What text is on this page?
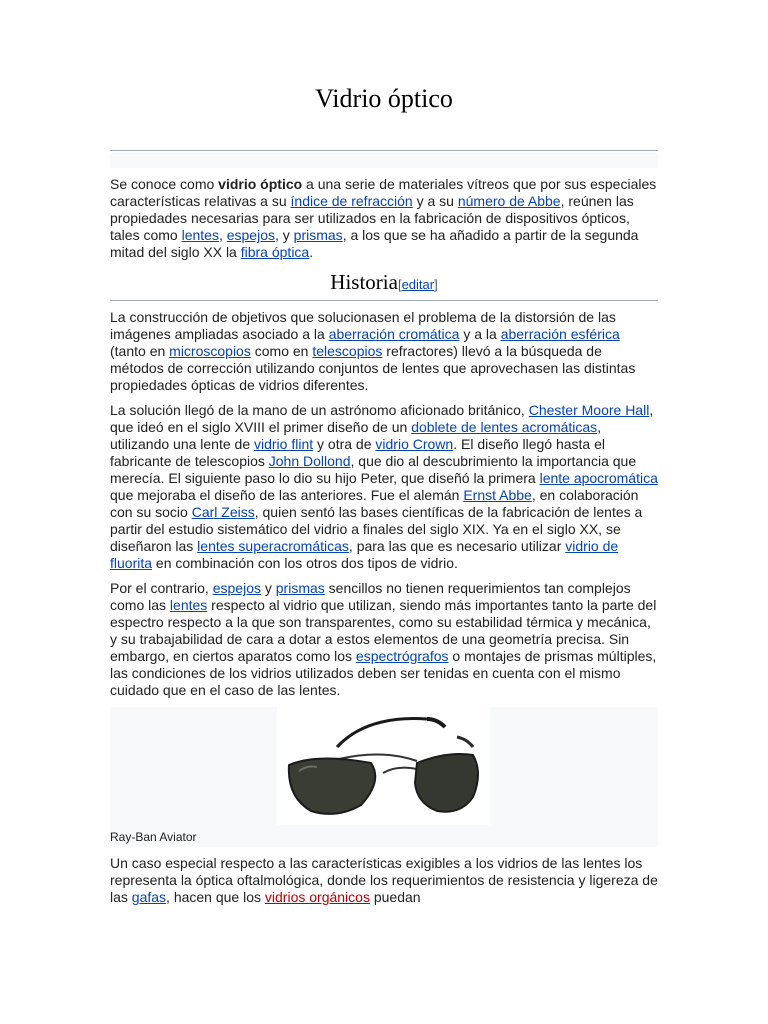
Vidrio óptico

Se conoce como vidrio óptico a una serie de materiales vítreos que por sus especiales características relativas a su índice de refracción y a su número de Abbe, reúnen las propiedades necesarias para ser utilizados en la fabricación de dispositivos ópticos, tales como lentes, espejos, y prismas, a los que se ha añadido a partir de la segunda mitad del siglo XX la fibra óptica.

Historia[editar]

La construcción de objetivos que solucionasen el problema de la distorsión de las imágenes ampliadas asociado a la aberración cromática y a la aberración esférica (tanto en microscopios como en telescopios refractores) llevó a la búsqueda de métodos de corrección utilizando conjuntos de lentes que aprovechasen las distintas propiedades ópticas de vidrios diferentes.

La solución llegó de la mano de un astrónomo aficionado británico, Chester Moore Hall, que ideó en el siglo XVIII el primer diseño de un doblete de lentes acromáticas, utilizando una lente de vidrio flint y otra de vidrio Crown. El diseño llegó hasta el fabricante de telescopios John Dollond, que dio al descubrimiento la importancia que merecía. El siguiente paso lo dio su hijo Peter, que diseñó la primera lente apocromática que mejoraba el diseño de las anteriores. Fue el alemán Ernst Abbe, en colaboración con su socio Carl Zeiss, quien sentó las bases científicas de la fabricación de lentes a partir del estudio sistemático del vidrio a finales del siglo XIX. Ya en el siglo XX, se diseñaron las lentes superacromáticas, para las que es necesario utilizar vidrio de fluorita en combinación con los otros dos tipos de vidrio.

Por el contrario, espejos y prismas sencillos no tienen requerimientos tan complejos como las lentes respecto al vidrio que utilizan, siendo más importantes tanto la parte del espectro respecto a la que son transparentes, como su estabilidad térmica y mecánica, y su trabajabilidad de cara a dotar a estos elementos de una geometría precisa. Sin embargo, en ciertos aparatos como los espectrógrafos o montajes de prismas múltiples, las condiciones de los vidrios utilizados deben ser tenidas en cuenta con el mismo cuidado que en el caso de las lentes.

Ray-Ban Aviator

Un caso especial respecto a las características exigibles a los vidrios de las lentes los representa la óptica oftalmológica, donde los requerimientos de resistencia y ligereza de las gafas, hacen que los vidrios orgánicos puedan
